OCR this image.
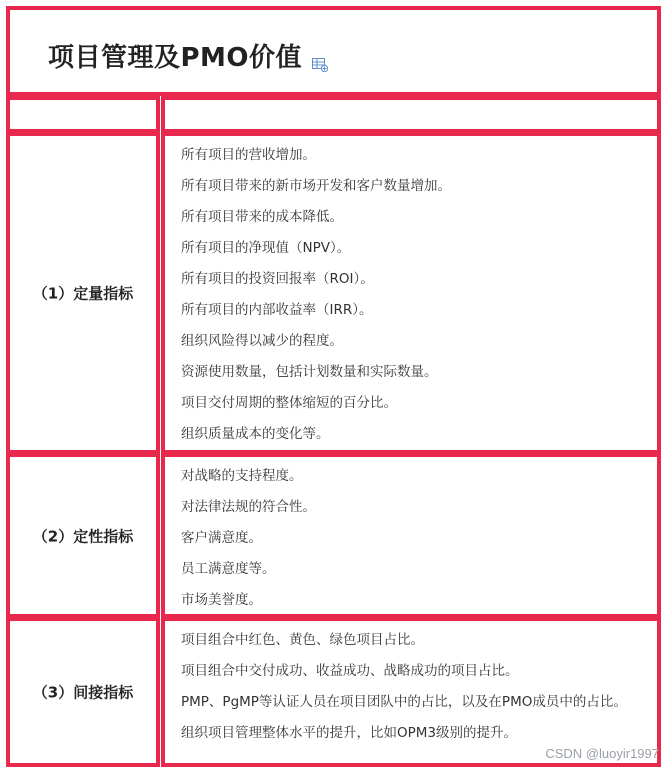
项目管理及PMO价值
（1）定量指标
所有项目的营收增加。
所有项目带来的新市场开发和客户数量增加。
所有项目带来的成本降低。
所有项目的净现值（NPV）。
所有项目的投资回报率（ROI）。
所有项目的内部收益率（IRR）。
组织风险得以减少的程度。
资源使用数量，包括计划数量和实际数量。
项目交付周期的整体缩短的百分比。
组织质量成本的变化等。
（2）定性指标
对战略的支持程度。
对法律法规的符合性。
客户满意度。
员工满意度等。
市场美誉度。
（3）间接指标
项目组合中红色、黄色、绿色项目占比。
项目组合中交付成功、收益成功、战略成功的项目占比。
PMP、PgMP等认证人员在项目团队中的占比，以及在PMO成员中的占比。
组织项目管理整体水平的提升，比如OPM3级别的提升。
CSDN @luoyir1997
